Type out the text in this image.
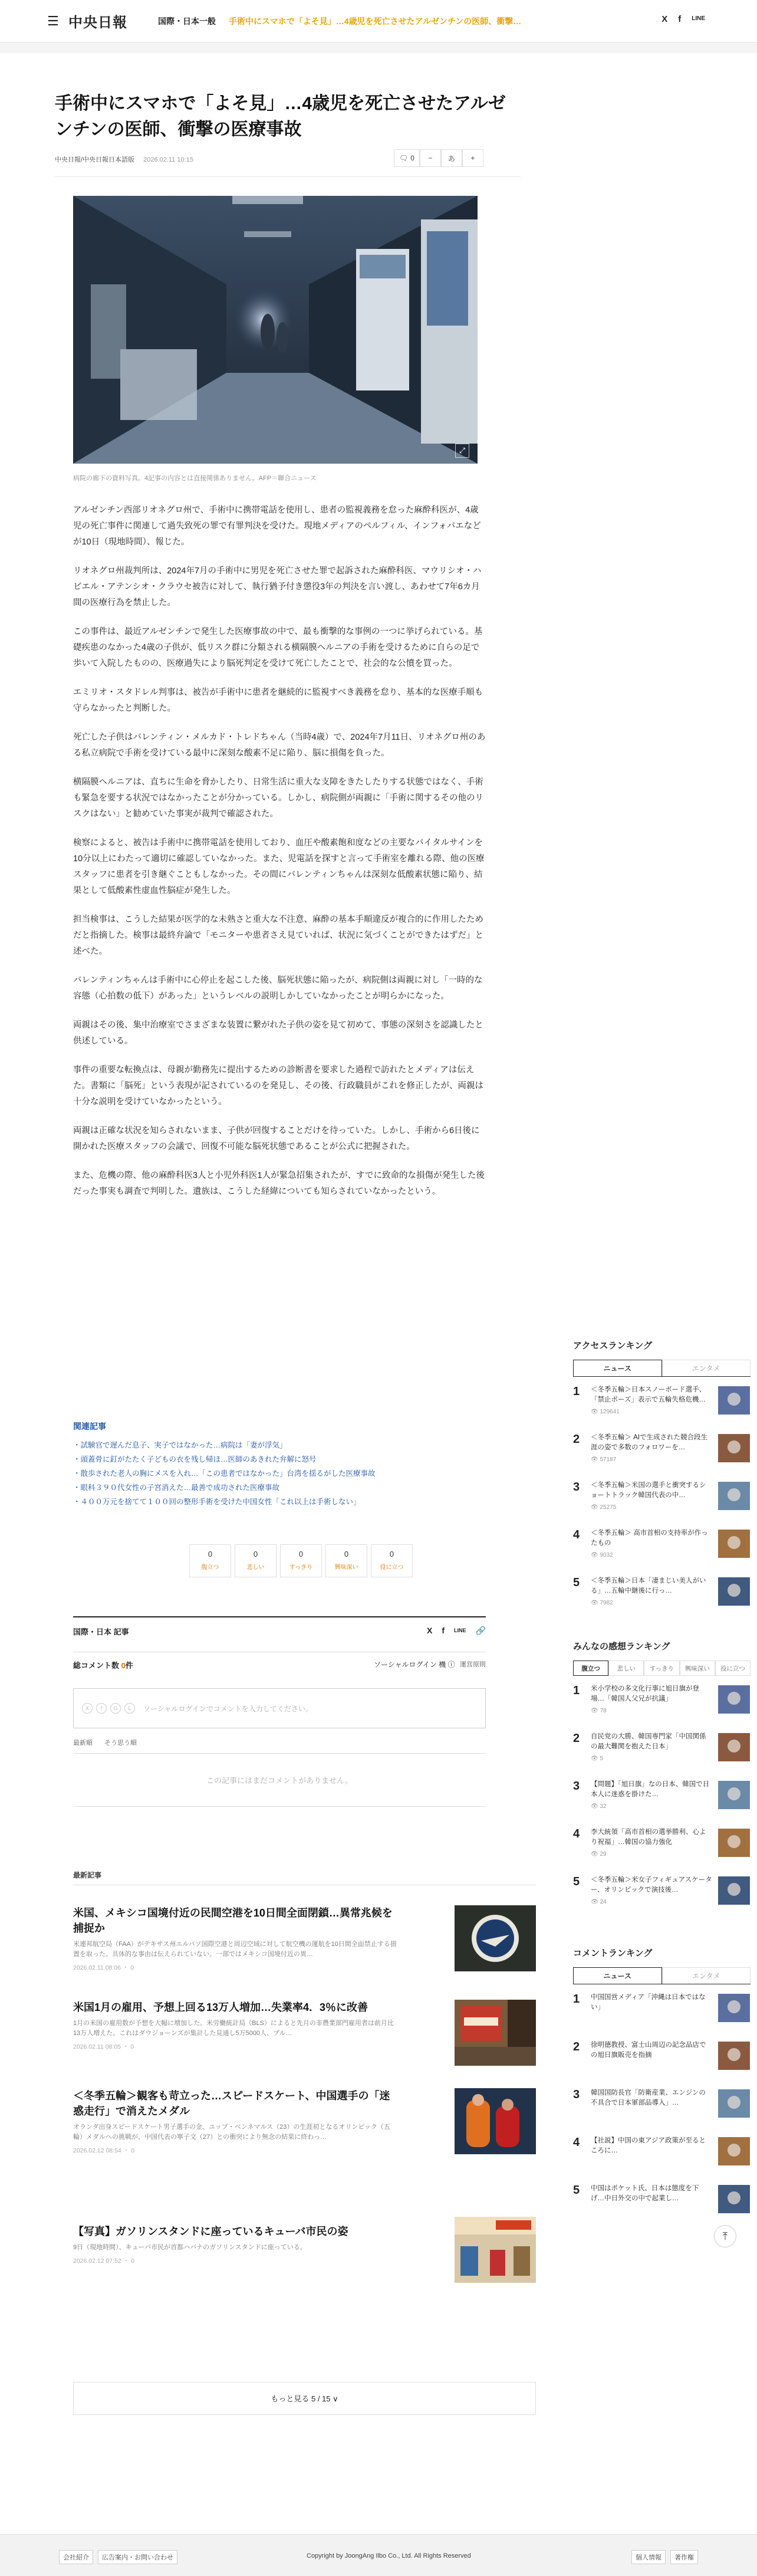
☰ 中央日報	国際・日本一般 手術中にスマホで「よそ見」…4歳児を死亡させたアルゼンチンの医師、衝撃…	X f LINE
手術中にスマホで「よそ見」…4歳児を死亡させたアルゼンチンの医師、衝撃の医療事故
中央日報/中央日報日本語版 2026.02.11 10:15	🗨 0	−	あ	+
⤢
病院の廊下の資料写真。4記事の内容とは直接関係ありません。AFP＝聯合ニュース

アルゼンチン西部リオネグロ州で、手術中に携帯電話を使用し、患者の監視義務を怠った麻酔科医が、4歳児の死亡事件に関連して過失致死の罪で有罪判決を受けた。現地メディアのペルフィル、インフォバエなどが10日（現地時間）、報じた。

リオネグロ州裁判所は、2024年7月の手術中に男児を死亡させた罪で起訴された麻酔科医、マウリシオ・ハビエル・アテンシオ・クラウセ被告に対して、執行猶予付き懲役3年の判決を言い渡し、あわせて7年6カ月間の医療行為を禁止した。

この事件は、最近アルゼンチンで発生した医療事故の中で、最も衝撃的な事例の一つに挙げられている。基礎疾患のなかった4歳の子供が、低リスク群に分類される横隔膜ヘルニアの手術を受けるために自らの足で歩いて入院したものの、医療過失により脳死判定を受けて死亡したことで、社会的な公憤を買った。

エミリオ・スタドレル判事は、被告が手術中に患者を継続的に監視すべき義務を怠り、基本的な医療手順も守らなかったと判断した。

死亡した子供はバレンティン・メルカド・トレドちゃん（当時4歳）で、2024年7月11日、リオネグロ州のある私立病院で手術を受けている最中に深刻な酸素不足に陥り、脳に損傷を負った。

横隔膜ヘルニアは、直ちに生命を脅かしたり、日常生活に重大な支障をきたしたりする状態ではなく、手術も緊急を要する状況ではなかったことが分かっている。しかし、病院側が両親に「手術に関するその他のリスクはない」と勧めていた事実が裁判で確認された。

検察によると、被告は手術中に携帯電話を使用しており、血圧や酸素飽和度などの主要なバイタルサインを10分以上にわたって適切に確認していなかった。また、児電話を探すと言って手術室を離れる際、他の医療スタッフに患者を引き継ぐこともしなかった。その間にバレンティンちゃんは深刻な低酸素状態に陥り、結果として低酸素性虚血性脳症が発生した。

担当検事は、こうした結果が医学的な未熟さと重大な不注意、麻酔の基本手順違反が複合的に作用したためだと指摘した。検事は最終弁論で「モニターや患者さえ見ていれば、状況に気づくことができたはずだ」と述べた。

バレンティンちゃんは手術中に心停止を起こした後、脳死状態に陥ったが、病院側は両親に対し「一時的な容態（心拍数の低下）があった」というレベルの説明しかしていなかったことが明らかになった。

両親はその後、集中治療室でさまざまな装置に繋がれた子供の姿を見て初めて、事態の深刻さを認識したと供述している。

事件の重要な転換点は、母親が勤務先に提出するための診断書を要求した過程で訪れたとメディアは伝えた。書類に「脳死」という表現が記されているのを発見し、その後、行政職員がこれを修正したが、両親は十分な説明を受けていなかったという。

両親は正確な状況を知らされないまま、子供が回復することだけを待っていた。しかし、手術から6日後に開かれた医療スタッフの会議で、回復不可能な脳死状態であることが公式に把握された。

また、危機の際、他の麻酔科医3人と小児外科医1人が緊急招集されたが、すでに致命的な損傷が発生した後だった事実も調査で判明した。遺族は、こうした経緯についても知らされていなかったという。

関連記事
・ 試験官で遅んだ息子、実子ではなかった…病院は「妻が浮気」
・ 頭蓋骨に釘がたたく子どもの衣を残し帰ほ…医師のあきれた弁解に怒号
・ 散歩された老人の胸にメスを入れ…「この患者ではなかった」台湾を揺るがした医療事故
・ 眼科３９０代女性の子宮消えた…最善で成功された医療事故
・ ４００万元を捨てて１００回の整形手術を受けた中国女性「これ以上は手術しない」
0
腹立つ
0
悲しい
0
すっきり
0
興味深い
0
役に立つ
国際・日本 記事	X f LINE 🔗
総コメント数 0件	ソーシャルログイン 機 ⓘ 運営原則
X	f	G	L	ソーシャルログインでコメントを入力してください。
最新順 そう思う順
この記事にはまだコメントがありません。
最新記事
米国、メキシコ国境付近の民間空港を10日間全面閉鎖…異常兆候を捕捉か
米連邦航空局（FAA）がテキサス州エルパソ国際空港と周辺空域に対して航空機の運航を10日間全面禁止する措置を取った。具体的な事由は伝えられていない。一部ではメキシコ国境付近の異…
2026.02.11 08:06 ・ 0
米国1月の雇用、予想上回る13万人増加…失業率4．3％に改善
1月の米国の雇用数が予想を大幅に増加した。米労働統計局（BLS）によると先月の非農業部門雇用者は前月比13万人増えた。これはダウジョーンズが集計した見通し5万5000人、ブル…
2026.02.11 08:05 ・ 0
＜冬季五輪＞観客も苛立った…スピードスケート、中国選手の「迷惑走行」で消えたメダル
オランダ出身スピードスケート男子選手の金、ユップ・ベンネマルス（23）の生涯初となるオリンピック（五輪）メダルへの挑戦が、中国代表の寧子文（27）との衝突により無念の結果に終わっ…
2026.02.12 08:54 ・ 0
【写真】ガソリンスタンドに座っているキューバ市民の姿
9日（現地時間）、キューバ市民が首都ハバナのガソリンスタンドに座っている。
2026.02.12 07:52 ・ 0
もっと見る 5 / 15 ∨
アクセスランキング
ニュース	エンタメ
1 ＜冬季五輪＞日本スノーボード選手、「禁止ポーズ」表示で五輪失格危機…
👁 129641
2 ＜冬季五輪＞ AIで生成された競合段生涯の姿で多数のフォロワーを…
👁 57187
3 ＜冬季五輪＞米国の選手と衝突するショートトラック韓国代表の中…
👁 25275
4 ＜冬季五輪＞ 高市首相の支持率が作ったもの
👁 9032
5 ＜冬季五輪＞日本「凄まじい美人がいる」…五輪中継後に行っ…
👁 7982
みんなの感想ランキング
腹立つ	悲しい	すっきり	興味深い	役に立つ
1 米小学校の多文化行事に旭日旗が登場…「韓国人父兄が抗議」
👁 78
2 自民党の大勝、韓国専門家「中国関係の最大難関を抱えた日本」
👁 5
3 【問題】「旭日旗」なの日本、韓国で日本人に迷惑を掛けた…
👁 32
4 李大統領「高市首相の選挙勝利、心より祝福」…韓国の協力強化
👁 29
5 ＜冬季五輪＞米女子フィギュアスケーター、オリンピックで演技後…
👁 24
コメントランキング
ニュース	エンタメ
1 中国国営メディア「沖縄は日本ではない」
2 徐明德教授、富士山周辺の記念品店での旭日旗販売を指摘
3 韓国国防長官「防衛産業、エンジンの不具合で日本軍部品導入」…
4 【社説】中国の東アジア政策が至るところに…
5 中国はポケット氏、日本は態度を下げ…中日外交の中で起業し…
⤒
会社紹介	広告案内・お問い合わせ	Copyright by JoongAng Ilbo Co., Ltd. All Rights Reserved	個人情報	著作権
